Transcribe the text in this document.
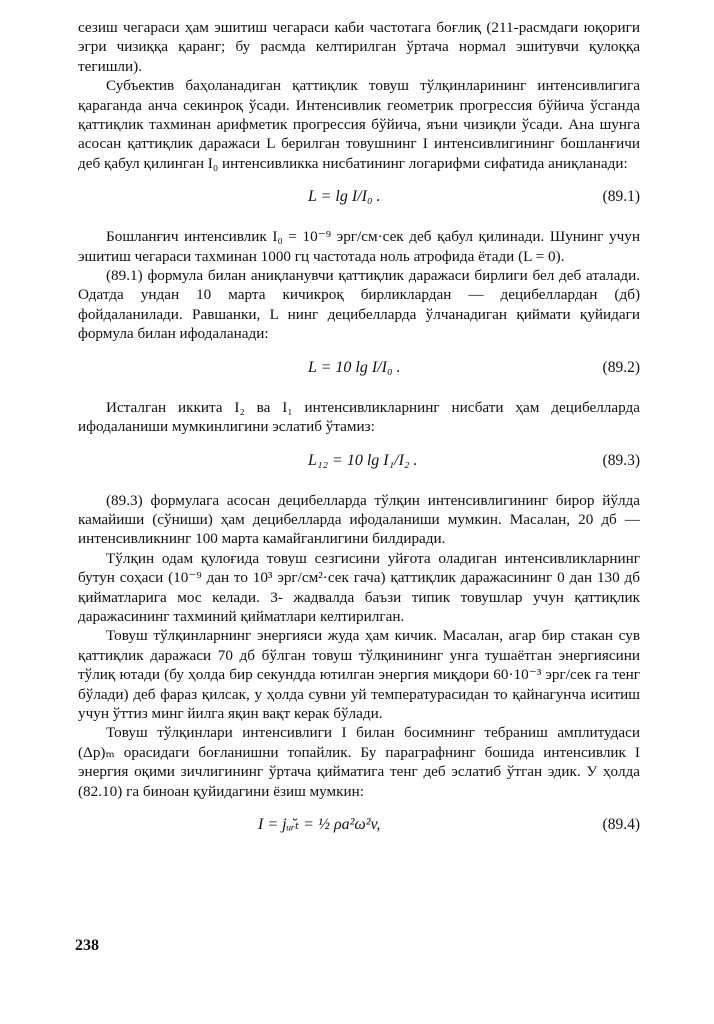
сезиш чегараси ҳам эшитиш чегараси каби частотага боғлиқ (211-расмдаги юқориги эгри чизиққа қаранг; бу расмда келтирилган ўртача нормал эшитувчи қулоққа тегишли).

Субъектив баҳоланадиган қаттиқлик товуш тўлқинларининг интенсивлигига қараганда анча секинроқ ўсади. Интенсивлик геометрик прогрессия бўйича ўсганда қаттиқлик тахминан арифметик прогрессия бўйича, яъни чизиқли ўсади. Ана шунга асосан қаттиқлик даражаси L берилган товушнинг I интенсивлигининг бошланғичи деб қабул қилинган I₀ интенсивликка нисбатининг логарифми сифатида аниқланади:

L = lg I/I₀ .	(89.1)

Бошланғич интенсивлик I₀ = 10⁻⁹ эрг/см·сек деб қабул қилинади. Шунинг учун эшитиш чегараси тахминан 1000 гц частотада ноль атрофида ётади (L = 0).

(89.1) формула билан аниқланувчи қаттиқлик даражаси бирлиги бел деб аталади. Одатда ундан 10 марта кичикроқ бирликлардан — децибеллардан (дб) фойдаланилади. Равшанки, L нинг децибелларда ўлчанадиган қиймати қуйидаги формула билан ифодаланади:

L = 10 lg I/I₀ .	(89.2)

Исталган иккита I₂ ва I₁ интенсивликларнинг нисбати ҳам децибелларда ифодаланиши мумкинлигини эслатиб ўтамиз:

L₁₂ = 10 lg I₁/I₂ .	(89.3)

(89.3) формулага асосан децибелларда тўлқин интенсивлигининг бирор йўлда камайиши (сўниши) ҳам децибелларда ифодаланиши мумкин. Масалан, 20 дб — интенсивликнинг 100 марта камайганлигини билдиради.

Тўлқин одам қулоғида товуш сезгисини уйғота оладиган интенсивликларнинг бутун соҳаси (10⁻⁹ дан то 10³ эрг/см²·сек гача) қаттиқлик даражасининг 0 дан 130 дб қийматларига мос келади. 3- жадвалда баъзи типик товушлар учун қаттиқлик даражасининг тахминий қийматлари келтирилган.

Товуш тўлқинларнинг энергияси жуда ҳам кичик. Масалан, агар бир стакан сув қаттиқлик даражаси 70 дб бўлган товуш тўлқинининг унга тушаётган энергиясини тўлиқ ютади (бу ҳолда бир секундда ютилган энергия миқдори 60·10⁻³ эрг/сек га тенг бўлади) деб фараз қилсак, у ҳолда сувни уй температурасидан то қайнагунча иситиш учун ўттиз минг йилга яқин вақт керак бўлади.

Товуш тўлқинлари интенсивлиги I билан босимнинг тебраниш амплитудаси (Δp)ₘ орасидаги боғланишни топайлик. Бу параграфнинг бошида интенсивлик I энергия оқими зичлигининг ўртача қийматига тенг деб эслатиб ўтган эдик. У ҳолда (82.10) га биноан қуйидагини ёзиш мумкин:

I = jᵤ̆ᵣₜ = ½ ρa²ω²v,	(89.4)
238
